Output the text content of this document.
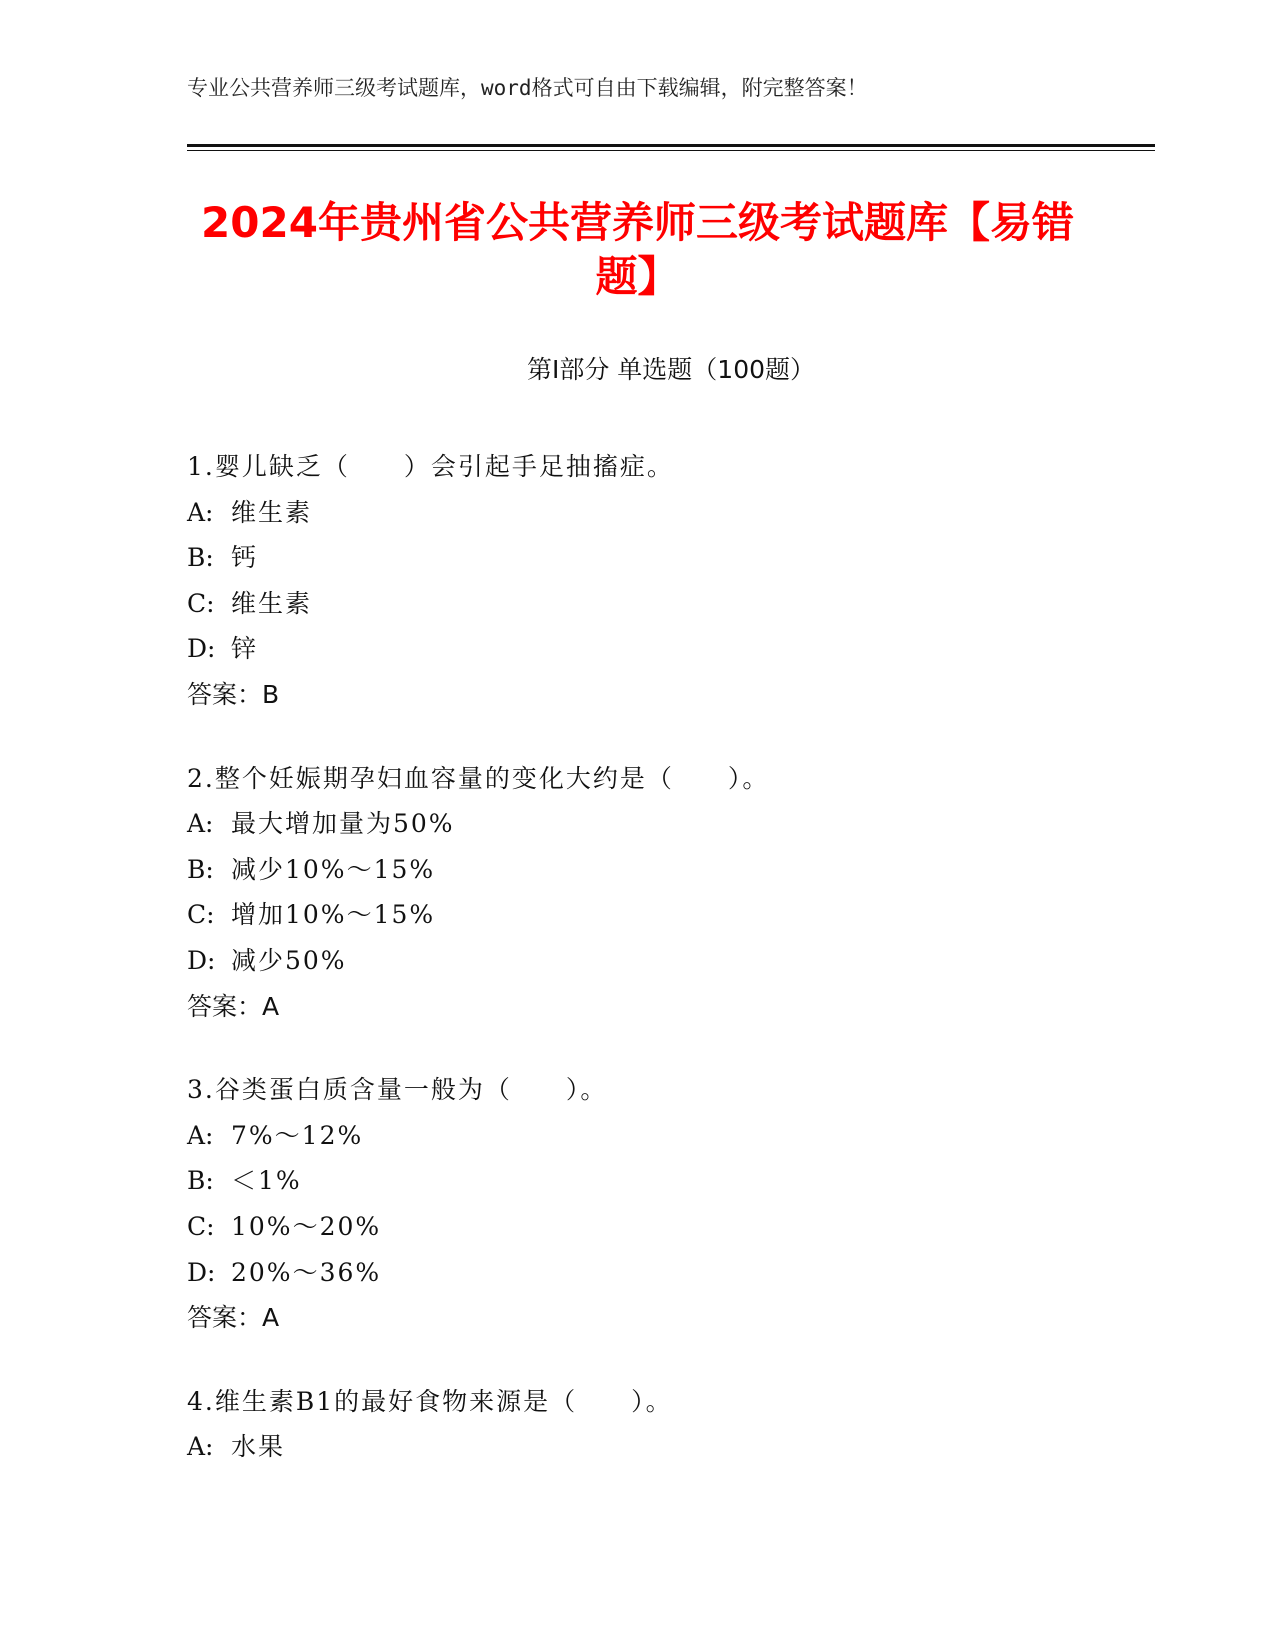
专业公共营养师三级考试题库，word格式可自由下载编辑，附完整答案！
2024年贵州省公共营养师三级考试题库【易错题】
第I部分 单选题（100题）
1.婴儿缺乏（　　）会引起手足抽搐症。
A: 维生素
B: 钙
C: 维生素
D: 锌
答案：B
2.整个妊娠期孕妇血容量的变化大约是（　　）。
A: 最大增加量为50%
B: 减少10%～15%
C: 增加10%～15%
D: 减少50%
答案：A
3.谷类蛋白质含量一般为（　　）。
A: 7%～12%
B: ＜1%
C: 10%～20%
D: 20%～36%
答案：A
4.维生素B1的最好食物来源是（　　）。
A: 水果
